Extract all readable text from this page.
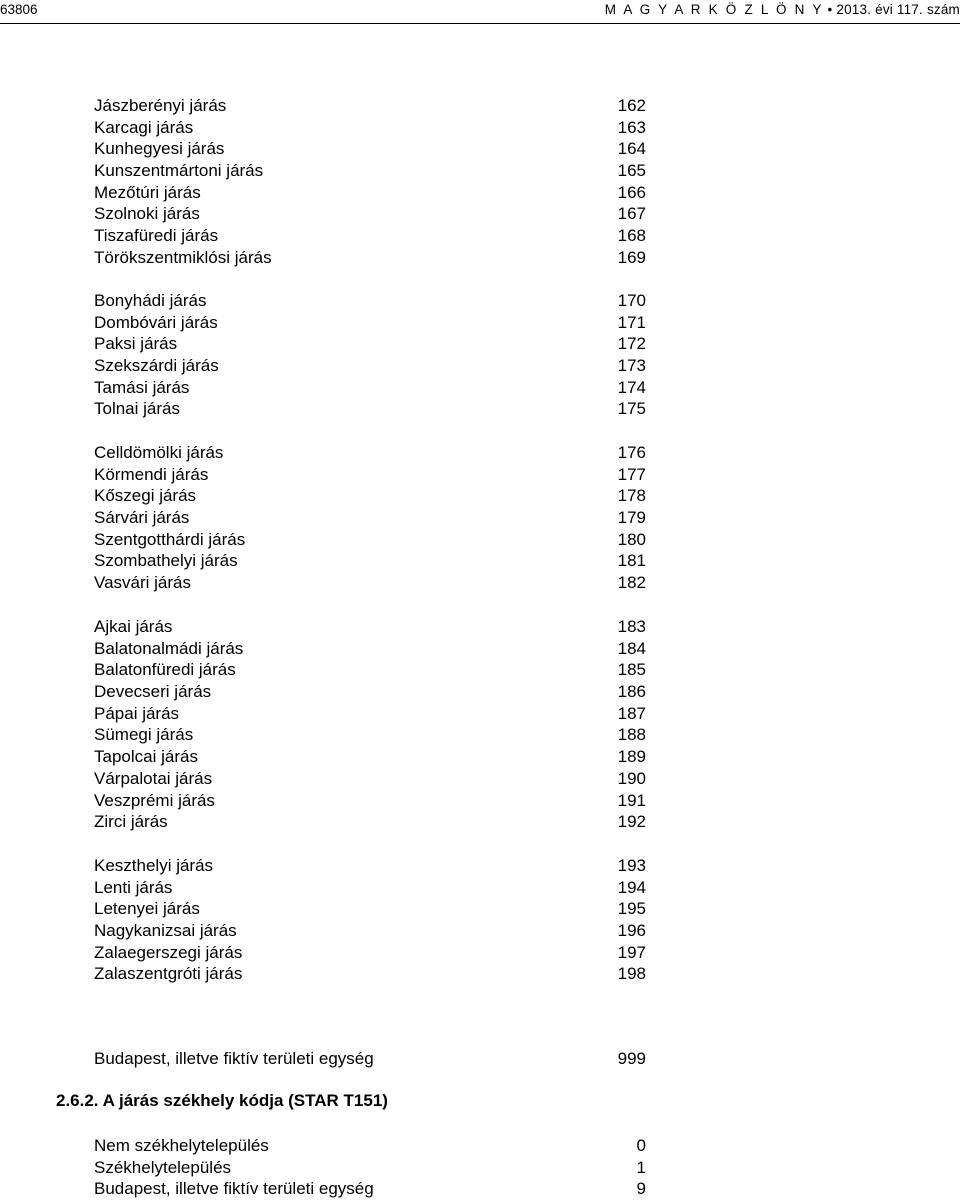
63806	M A G Y A R K Ö Z L Ö N Y • 2013. évi 117. szám
Jászberényi járás	162
Karcagi járás	163
Kunhegyesi járás	164
Kunszentmártoni járás	165
Mezőtúri járás	166
Szolnoki járás	167
Tiszafüredi járás	168
Törökszentmiklósi járás	169
Bonyhádi járás	170
Dombóvári járás	171
Paksi járás	172
Szekszárdi járás	173
Tamási járás	174
Tolnai járás	175
Celldömölki járás	176
Körmendi járás	177
Kőszegi járás	178
Sárvári járás	179
Szentgotthárdi járás	180
Szombathelyi járás	181
Vasvári járás	182
Ajkai járás	183
Balatonalmádi járás	184
Balatonfüredi járás	185
Devecseri járás	186
Pápai járás	187
Sümegi járás	188
Tapolcai járás	189
Várpalotai járás	190
Veszprémi járás	191
Zirci járás	192
Keszthelyi járás	193
Lenti járás	194
Letenyei járás	195
Nagykanizsai járás	196
Zalaegerszegi járás	197
Zalaszentgróti járás	198
Budapest, illetve fiktív területi egység	999
2.6.2. A járás székhely kódja (STAR T151)
Nem székhelytelepülés	0
Székhelytelepülés	1
Budapest, illetve fiktív területi egység	9
